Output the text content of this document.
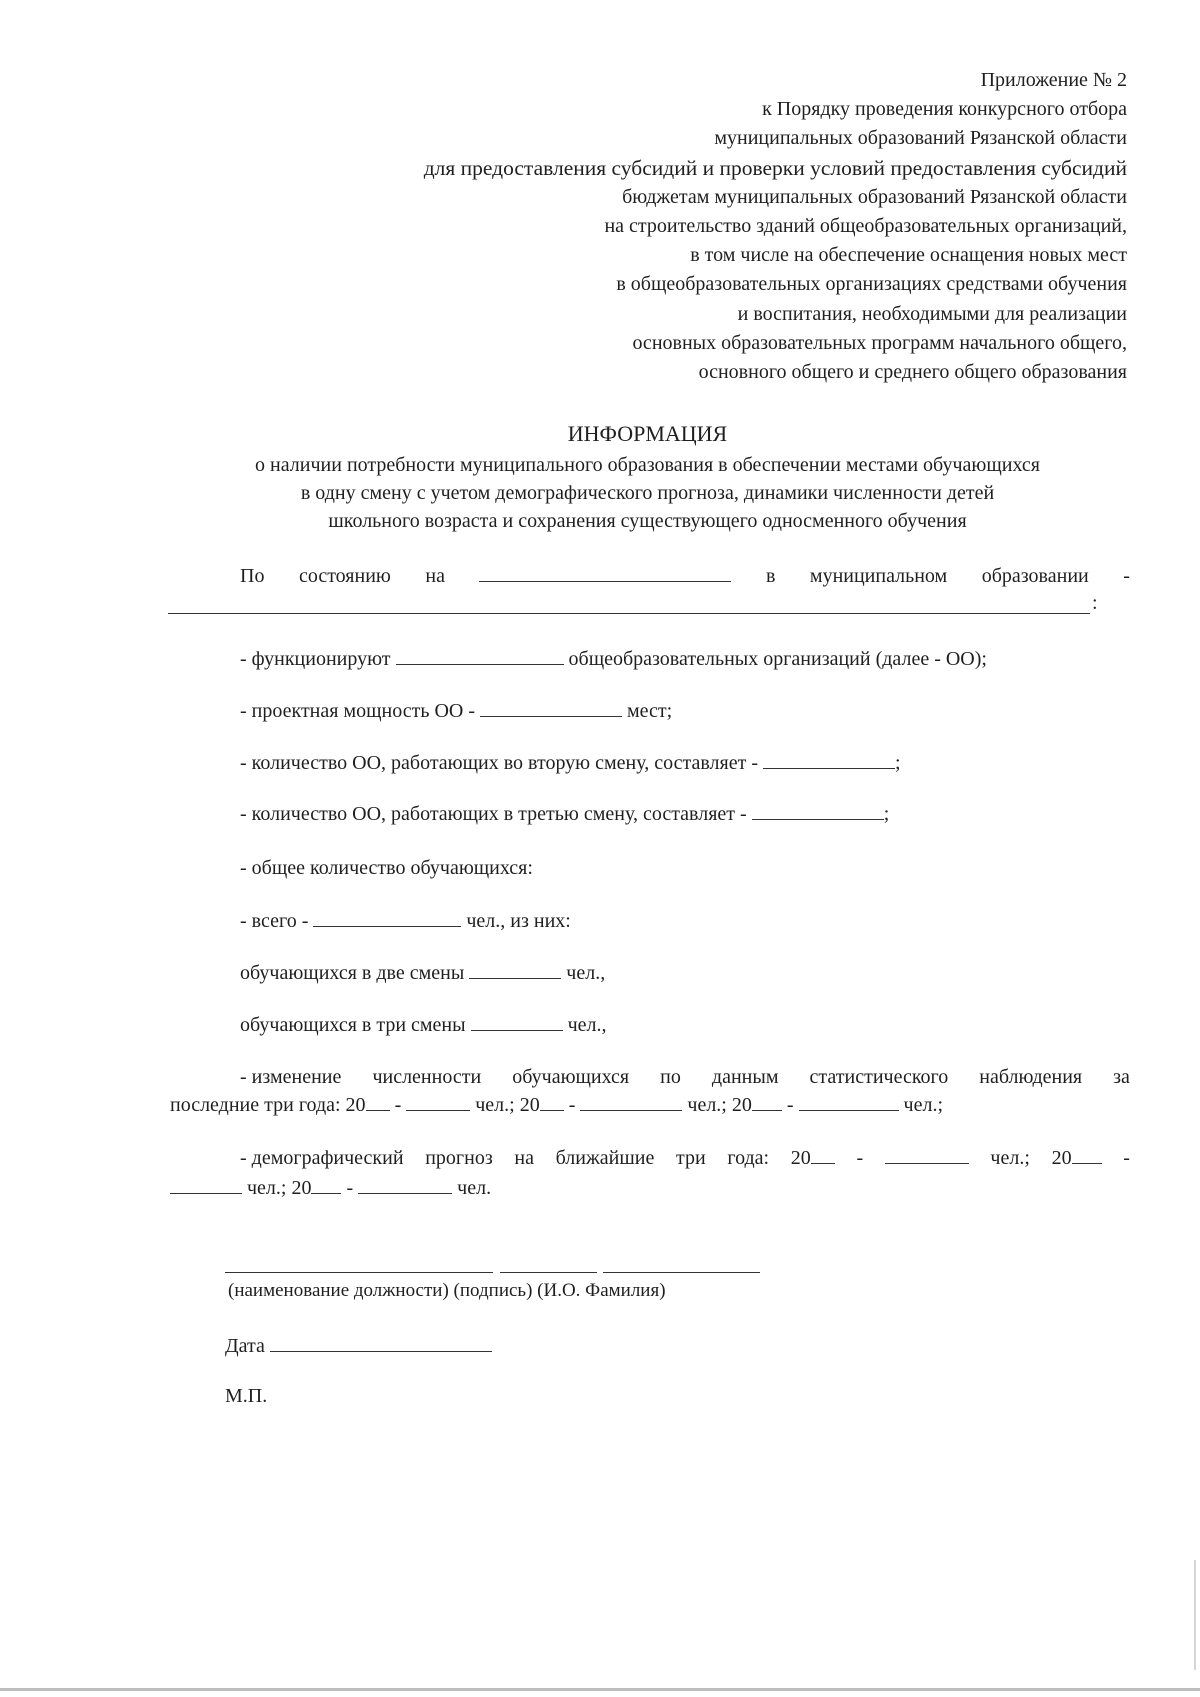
Приложение № 2
к Порядку проведения конкурсного отбора
муниципальных образований Рязанской области
для предоставления субсидий и проверки условий предоставления субсидий
бюджетам муниципальных образований Рязанской области
на строительство зданий общеобразовательных организаций,
в том числе на обеспечение оснащения новых мест
в общеобразовательных организациях средствами обучения
и воспитания, необходимыми для реализации
основных образовательных программ начального общего,
основного общего и среднего общего образования
ИНФОРМАЦИЯ
о наличии потребности муниципального образования в обеспечении местами обучающихся
в одну смену с учетом демографического прогноза, динамики численности детей
школьного возраста и сохранения существующего односменного обучения
По состоянию на	в муниципальном образовании -
:
- функционируют	общеобразовательных организаций (далее - ОО);
- проектная мощность ОО -	мест;
- количество ОО, работающих во вторую смену, составляет -	;
- количество ОО, работающих в третью смену, составляет -	;
- общее количество обучающихся:
- всего -	чел., из них:
обучающихся в две смены	чел.,
обучающихся в три смены	чел.,
- изменение численности обучающихся по данным статистического наблюдения за
последние три года: 20 -	чел.; 20 -	чел.; 20 -	чел.;
- демографический прогноз на ближайшие три года: 20	-	чел.; 20	-
чел.; 20 -	чел.
(наименование должности) (подпись) (И.О. Фамилия)
Дата
М.П.
